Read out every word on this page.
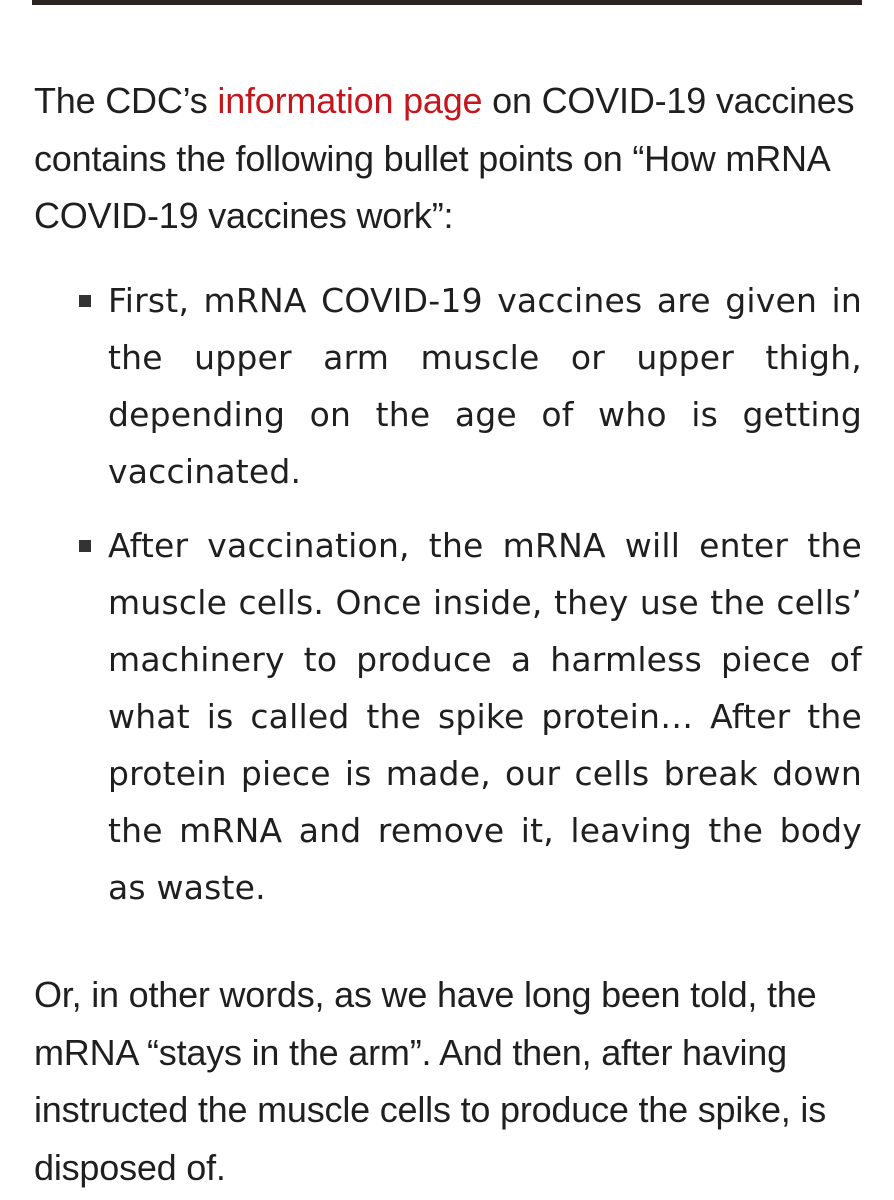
The CDC’s information page on COVID-19 vaccines contains the following bullet points on “How mRNA COVID-19 vaccines work”:

First, mRNA COVID-19 vaccines are given in the upper arm muscle or upper thigh, depending on the age of who is getting vaccinated.
After vaccination, the mRNA will enter the muscle cells. Once inside, they use the cells’ machinery to produce a harmless piece of what is called the spike protein… After the protein piece is made, our cells break down the mRNA and remove it, leaving the body as waste.

Or, in other words, as we have long been told, the mRNA “stays in the arm”. And then, after having instructed the muscle cells to produce the spike, is disposed of.
